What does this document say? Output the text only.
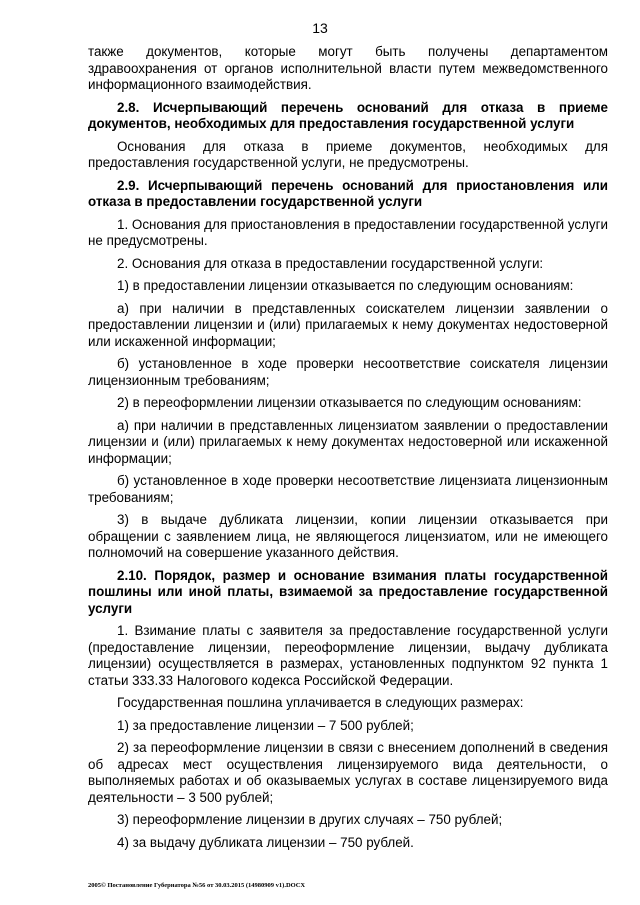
13

также документов, которые могут быть получены департаментом здравоохранения от органов исполнительной власти путем межведомственного информационного взаимодействия.

2.8. Исчерпывающий перечень оснований для отказа в приеме документов, необходимых для предоставления государственной услуги

Основания для отказа в приеме документов, необходимых для предоставления государственной услуги, не предусмотрены.

2.9. Исчерпывающий перечень оснований для приостановления или отказа в предоставлении государственной услуги

1. Основания для приостановления в предоставлении государственной услуги не предусмотрены.

2. Основания для отказа в предоставлении государственной услуги:

1) в предоставлении лицензии отказывается по следующим основаниям:

а) при наличии в представленных соискателем лицензии заявлении о предоставлении лицензии и (или) прилагаемых к нему документах недостоверной или искаженной информации;

б) установленное в ходе проверки несоответствие соискателя лицензии лицензионным требованиям;

2) в переоформлении лицензии отказывается по следующим основаниям:

а) при наличии в представленных лицензиатом заявлении о предоставлении лицензии и (или) прилагаемых к нему документах недостоверной или искаженной информации;

б) установленное в ходе проверки несоответствие лицензиата лицензионным требованиям;

3) в выдаче дубликата лицензии, копии лицензии отказывается при обращении с заявлением лица, не являющегося лицензиатом, или не имеющего полномочий на совершение указанного действия.

2.10. Порядок, размер и основание взимания платы государственной пошлины или иной платы, взимаемой за предоставление государственной услуги

1. Взимание платы с заявителя за предоставление государственной услуги (предоставление лицензии, переоформление лицензии, выдачу дубликата лицензии) осуществляется в размерах, установленных подпунктом 92 пункта 1 статьи 333.33 Налогового кодекса Российской Федерации.

Государственная пошлина уплачивается в следующих размерах:

1) за предоставление лицензии – 7 500 рублей;

2) за переоформление лицензии в связи с внесением дополнений в сведения об адресах мест осуществления лицензируемого вида деятельности, о выполняемых работах и об оказываемых услугах в составе лицензируемого вида деятельности – 3 500 рублей;

3) переоформление лицензии в других случаях – 750 рублей;

4) за выдачу дубликата лицензии – 750 рублей.

2005© Постановление Губернатора №56 от 30.03.2015 (14980909 v1).DOCX
